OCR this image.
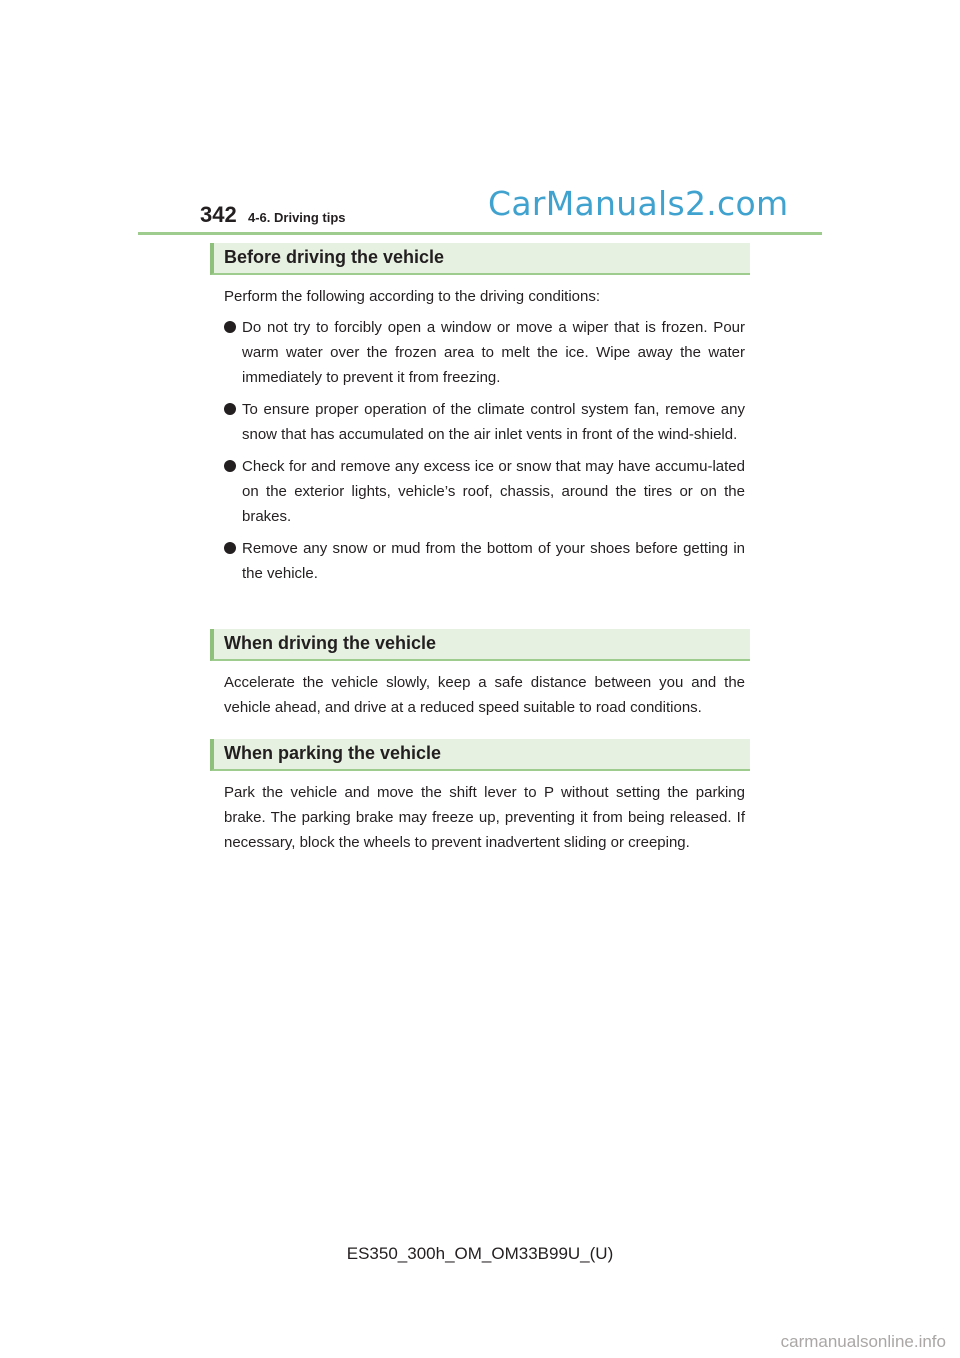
342 4-6. Driving tips	CarManuals2.com
Before driving the vehicle

Perform the following according to the driving conditions:

Do not try to forcibly open a window or move a wiper that is frozen. Pour warm water over the frozen area to melt the ice. Wipe away the water immediately to prevent it from freezing.
To ensure proper operation of the climate control system fan, remove any snow that has accumulated on the air inlet vents in front of the wind-shield.
Check for and remove any excess ice or snow that may have accumu-lated on the exterior lights, vehicle’s roof, chassis, around the tires or on the brakes.
Remove any snow or mud from the bottom of your shoes before getting in the vehicle.
When driving the vehicle

Accelerate the vehicle slowly, keep a safe distance between you and the vehicle ahead, and drive at a reduced speed suitable to road conditions.

When parking the vehicle

Park the vehicle and move the shift lever to P without setting the parking brake. The parking brake may freeze up, preventing it from being released. If necessary, block the wheels to prevent inadvertent sliding or creeping.

ES350_300h_OM_OM33B99U_(U)
carmanualsonline.info
